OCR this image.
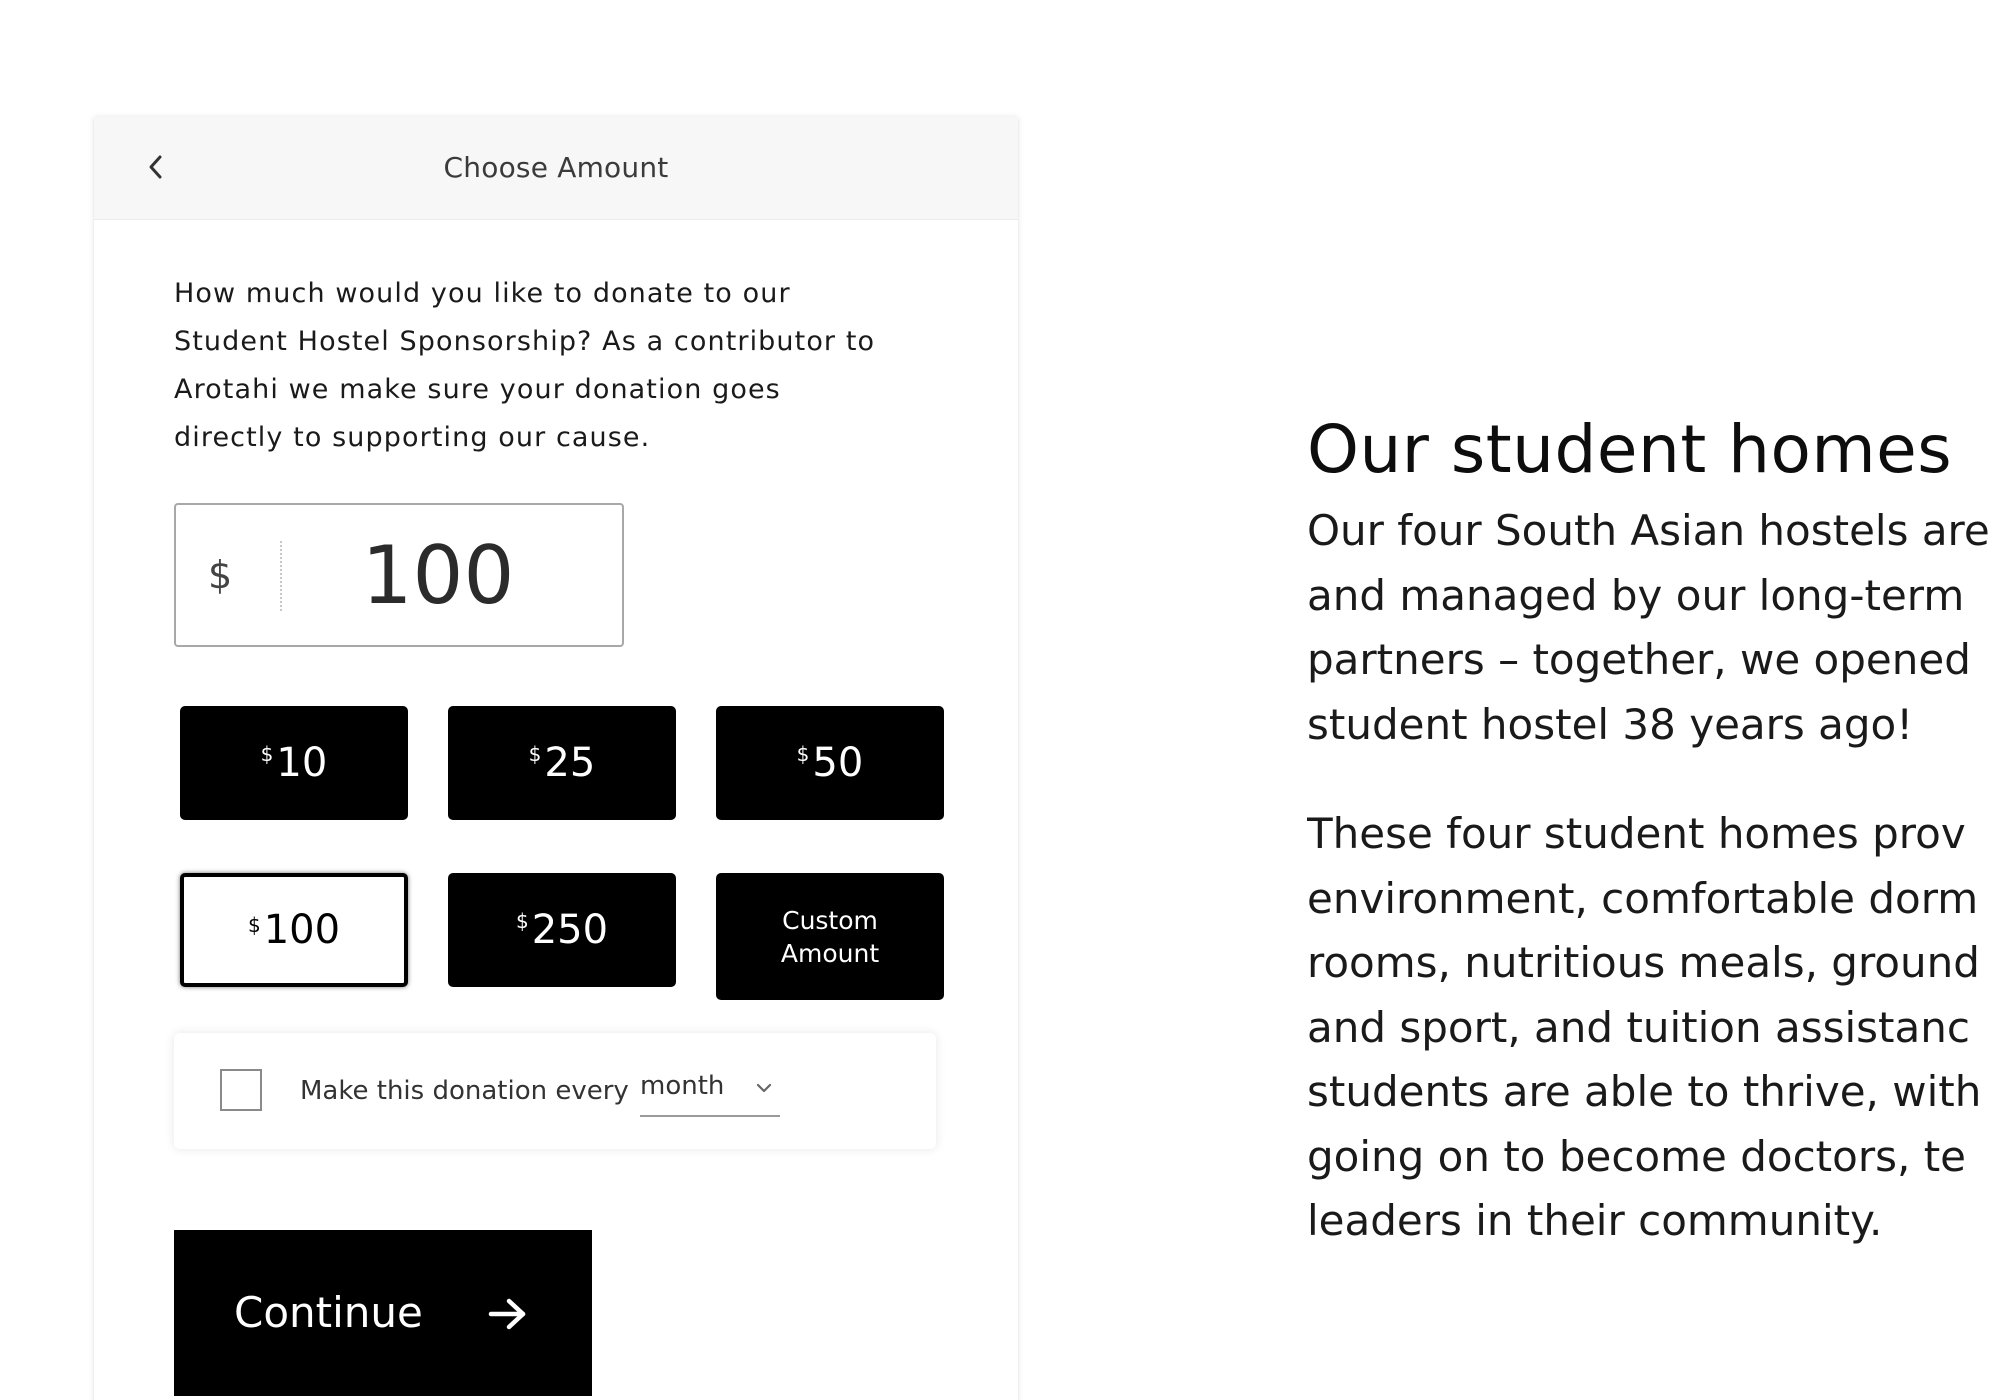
Choose Amount
How much would you like to donate to our
Student Hostel Sponsorship? As a contributor to
Arotahi we make sure your donation goes
directly to supporting our cause.
$
100
$ 10	$ 25	$ 50
$ 100	$ 250	Custom
Amount
Make this donation every month
Continue
Our student homes
Our four South Asian hostels are
and managed by our long-term
partners – together, we opened
student hostel 38 years ago!
These four student homes prov
environment, comfortable dorm
rooms, nutritious meals, ground
and sport, and tuition assistanc
students are able to thrive, with
going on to become doctors, te
leaders in their community.
